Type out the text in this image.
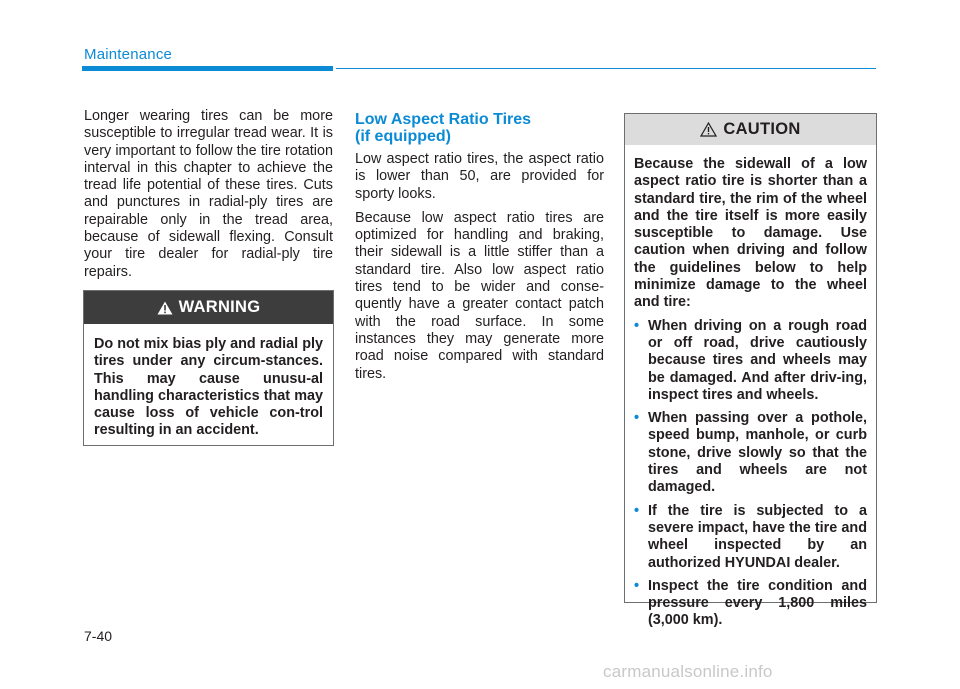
Maintenance

Longer wearing tires can be more susceptible to irregular tread wear. It is very important to follow the tire rotation interval in this chapter to achieve the tread life potential of these tires. Cuts and punctures in radial-ply tires are repairable only in the tread area, because of sidewall flexing. Consult your tire dealer for radial-ply tire repairs.

WARNING
Do not mix bias ply and radial ply tires under any circum-stances. This may cause unusu-al handling characteristics that may cause loss of vehicle con-trol resulting in an accident.
Low Aspect Ratio Tires
(if equipped)

Low aspect ratio tires, the aspect ratio is lower than 50, are provided for sporty looks.

Because low aspect ratio tires are optimized for handling and braking, their sidewall is a little stiffer than a standard tire. Also low aspect ratio tires tend to be wider and conse-quently have a greater contact patch with the road surface. In some instances they may generate more road noise compared with standard tires.

CAUTION

Because the sidewall of a low aspect ratio tire is shorter than a standard tire, the rim of the wheel and the tire itself is more easily susceptible to damage. Use caution when driving and follow the guidelines below to help minimize damage to the wheel and tire:

• When driving on a rough road or off road, drive cautiously because tires and wheels may be damaged. And after driv-ing, inspect tires and wheels.
• When passing over a pothole, speed bump, manhole, or curb stone, drive slowly so that the tires and wheels are not damaged.
• If the tire is subjected to a severe impact, have the tire and wheel inspected by an authorized HYUNDAI dealer.
• Inspect the tire condition and pressure every 1,800 miles (3,000 km).
7-40
carmanualsonline.info
